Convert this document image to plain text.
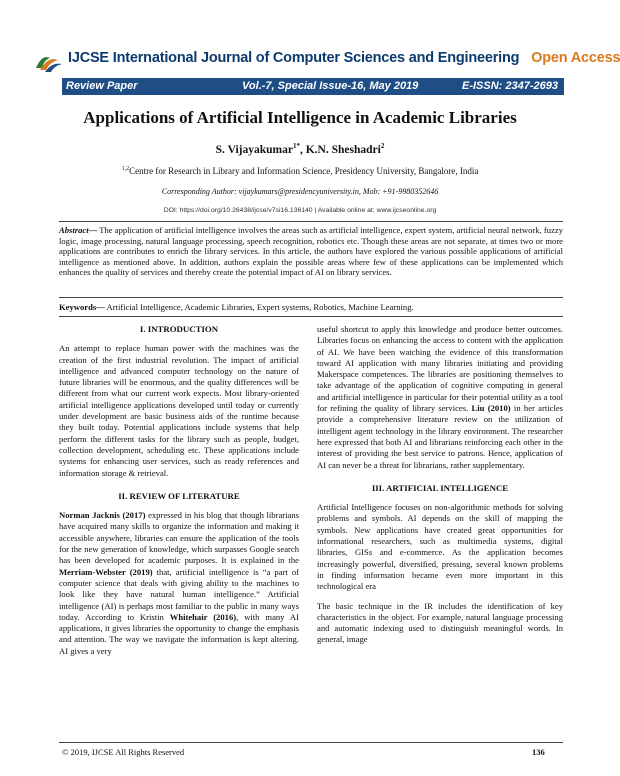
IJCSE International Journal of Computer Sciences and Engineering Open Access
Review Paper	Vol.-7, Special Issue-16, May 2019	E-ISSN: 2347-2693
Applications of Artificial Intelligence in Academic Libraries
S. Vijayakumar$^{1*}$, K.N. Sheshadri$^2$
$^{1,2}$Centre for Research in Library and Information Science, Presidency University, Bangalore, India
Corresponding Author: vijaykumars@presidencyuniversity.in, Mob: +91-9980352646
DOI: https://doi.org/10.26438/ijcse/v7si16.136140 | Available online at: www.ijcseonline.org
Abstract— The application of artificial intelligence involves the areas such as artificial intelligence, expert system, artificial neural network, fuzzy logic, image processing, natural language processing, speech recognition, robotics etc. Though these areas are not separate, at times two or more applications are contributes to enrich the library services. In this article, the authors have explored the various possible applications of artificial intelligence as mentioned above. In addition, authors explain the possible areas where few of these applications can be implemented which enhances the quality of services and thereby create the potential impact of AI on library services.
Keywords— Artificial Intelligence, Academic Libraries, Expert systems, Robotics, Machine Learning.
I. INTRODUCTION

An attempt to replace human power with the machines was the creation of the first industrial revolution. The impact of artificial intelligence and advanced computer technology on the nature of future libraries will be enormous, and the quality differences will be different from what our current work expects. Most library-oriented artificial intelligence applications developed until today or currently under development are basic business aids of the runtime because they built today. Potential applications include systems that help perform the different tasks for the library such as people, budget, collection development, scheduling etc. These applications include systems for enhancing user services, such as ready references and information storage & retrieval.

II. REVIEW OF LITERATURE

Norman Jacknis (2017) expressed in his blog that though librarians have acquired many skills to organize the information and making it accessible anywhere, libraries can ensure the application of the tools for the new generation of knowledge, which surpasses Google search has been developed for academic purposes. It is explained in the Merriam-Webster (2019) that, artificial intelligence is “a part of computer science that deals with giving ability to the machines to look like they have natural human intelligence.” Artificial intelligence (AI) is perhaps most familiar to the public in many ways today. According to Kristin Whitehair (2016), with many AI applications, it gives libraries the opportunity to change the emphasis and attention. The way we navigate the information is kept altering. AI gives a very

useful shortcut to apply this knowledge and produce better outcomes. Libraries focus on enhancing the access to content with the application of AI. We have been watching the evidence of this transformation toward AI application with many libraries initiating and providing Makerspace competences. The libraries are positioning themselves to take advantage of the application of cognitive computing in general and artificial intelligence in particular for their potential utility as a tool for refining the quality of library services. Liu (2010) in her articles provide a comprehensive literature review on the utilization of intelligent agent technology in the library environment. The researcher here expressed that both AI and librarians reinforcing each other in the interest of providing the best service to patrons. Hence, application of AI can never be a threat for librarians, rather supplementary.

III. ARTIFICIAL INTELLIGENCE

Artificial Intelligence focuses on non-algorithmic methods for solving problems and symbols. AI depends on the skill of mapping the symbols. New applications have created great opportunities for informational researchers, such as multimedia systems, digital libraries, GISs and e-commerce. As the application becomes increasingly powerful, diversified, pressing, several known problems in finding information became even more important in this technological era

The basic technique in the IR includes the identification of key characteristics in the object. For example, natural language processing and automatic indexing used to distinguish meaningful words. In general, image

© 2019, IJCSE All Rights Reserved	136
